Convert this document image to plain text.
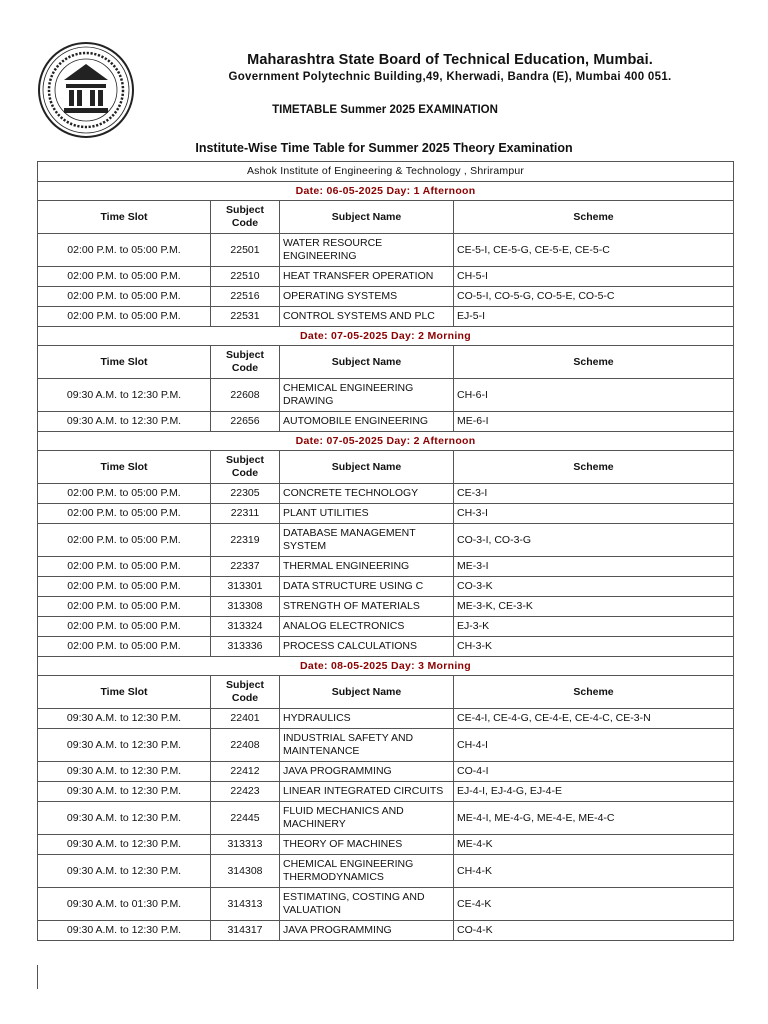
Maharashtra State Board of Technical Education, Mumbai.
Government Polytechnic Building,49, Kherwadi, Bandra (E), Mumbai 400 051.
TIMETABLE Summer 2025 EXAMINATION
Institute-Wise Time Table for Summer 2025 Theory Examination
Ashok Institute of Engineering & Technology , Shrirampur			
Date: 06-05-2025 Day: 1 Afternoon			
Time Slot	Subject Code	Subject Name	Scheme
02:00 P.M. to 05:00 P.M.	22501	WATER RESOURCE ENGINEERING	CE-5-I, CE-5-G, CE-5-E, CE-5-C
02:00 P.M. to 05:00 P.M.	22510	HEAT TRANSFER OPERATION	CH-5-I
02:00 P.M. to 05:00 P.M.	22516	OPERATING SYSTEMS	CO-5-I, CO-5-G, CO-5-E, CO-5-C
02:00 P.M. to 05:00 P.M.	22531	CONTROL SYSTEMS AND PLC	EJ-5-I
Date: 07-05-2025 Day: 2 Morning			
Time Slot	Subject Code	Subject Name	Scheme
09:30 A.M. to 12:30 P.M.	22608	CHEMICAL ENGINEERING DRAWING	CH-6-I
09:30 A.M. to 12:30 P.M.	22656	AUTOMOBILE ENGINEERING	ME-6-I
Date: 07-05-2025 Day: 2 Afternoon			
Time Slot	Subject Code	Subject Name	Scheme
02:00 P.M. to 05:00 P.M.	22305	CONCRETE TECHNOLOGY	CE-3-I
02:00 P.M. to 05:00 P.M.	22311	PLANT UTILITIES	CH-3-I
02:00 P.M. to 05:00 P.M.	22319	DATABASE MANAGEMENT SYSTEM	CO-3-I, CO-3-G
02:00 P.M. to 05:00 P.M.	22337	THERMAL ENGINEERING	ME-3-I
02:00 P.M. to 05:00 P.M.	313301	DATA STRUCTURE USING C	CO-3-K
02:00 P.M. to 05:00 P.M.	313308	STRENGTH OF MATERIALS	ME-3-K, CE-3-K
02:00 P.M. to 05:00 P.M.	313324	ANALOG ELECTRONICS	EJ-3-K
02:00 P.M. to 05:00 P.M.	313336	PROCESS CALCULATIONS	CH-3-K
Date: 08-05-2025 Day: 3 Morning			
Time Slot	Subject Code	Subject Name	Scheme
09:30 A.M. to 12:30 P.M.	22401	HYDRAULICS	CE-4-I, CE-4-G, CE-4-E, CE-4-C, CE-3-N
09:30 A.M. to 12:30 P.M.	22408	INDUSTRIAL SAFETY AND MAINTENANCE	CH-4-I
09:30 A.M. to 12:30 P.M.	22412	JAVA PROGRAMMING	CO-4-I
09:30 A.M. to 12:30 P.M.	22423	LINEAR INTEGRATED CIRCUITS	EJ-4-I, EJ-4-G, EJ-4-E
09:30 A.M. to 12:30 P.M.	22445	FLUID MECHANICS AND MACHINERY	ME-4-I, ME-4-G, ME-4-E, ME-4-C
09:30 A.M. to 12:30 P.M.	313313	THEORY OF MACHINES	ME-4-K
09:30 A.M. to 12:30 P.M.	314308	CHEMICAL ENGINEERING THERMODYNAMICS	CH-4-K
09:30 A.M. to 01:30 P.M.	314313	ESTIMATING, COSTING AND VALUATION	CE-4-K
09:30 A.M. to 12:30 P.M.	314317	JAVA PROGRAMMING	CO-4-K
